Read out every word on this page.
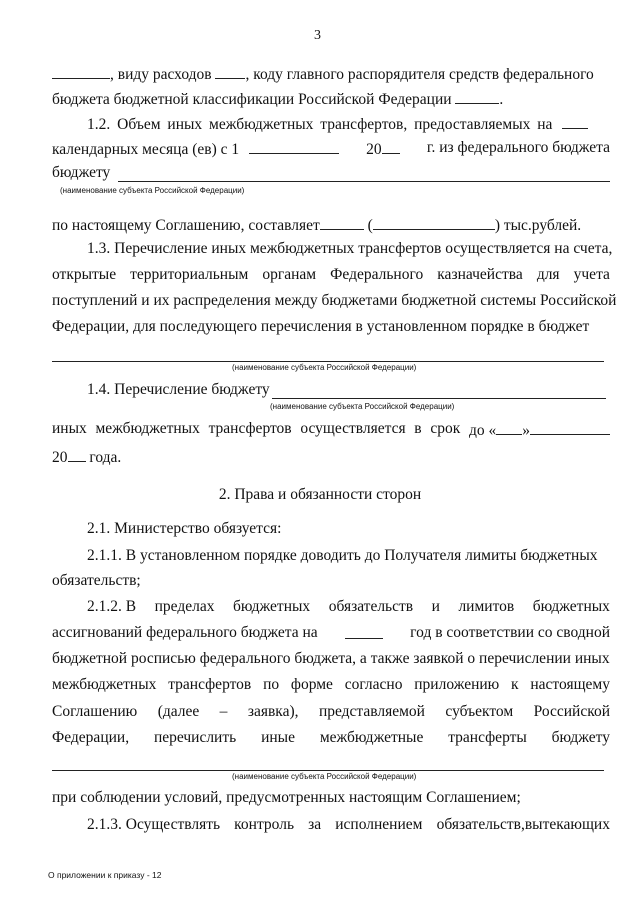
3
, виду расходов , коду главного распорядителя средств федерального
бюджета бюджетной классификации Российской Федерации	.
1.2. Объем иных межбюджетных трансфертов, предоставляемых на
календарных месяца (ев) с 1	20	г. из федерального бюджета
бюджету
(наименование субъекта Российской Федерации)
по настоящему Соглашению, составляет	(	) тыс.рублей.
1.3. Перечисление иных межбюджетных трансфертов осуществляется на счета,
открытые территориальным органам Федерального казначейства для учета
поступлений и их распределения между бюджетами бюджетной системы Российской
Федерации, для последующего перечисления в установленном порядке в бюджет
(наименование субъекта Российской Федерации)
1.4. Перечисление бюджету
(наименование субъекта Российской Федерации)
иных межбюджетных трансфертов осуществляется в срок до « »
20 года.
2. Права и обязанности сторон
2.1. Министерство обязуется:
2.1.1. В установленном порядке доводить до Получателя лимиты бюджетных
обязательств;
2.1.2. В пределах бюджетных обязательств и лимитов бюджетных
ассигнований федерального бюджета на	год в соответствии со сводной
бюджетной росписью федерального бюджета, а также заявкой о перечислении иных
межбюджетных трансфертов по форме согласно приложению к настоящему
Соглашению (далее – заявка), представляемой субъектом Российской
Федерации, перечислить иные межбюджетные трансферты бюджету
(наименование субъекта Российской Федерации)
при соблюдении условий, предусмотренных настоящим Соглашением;
2.1.3. Осуществлять контроль за исполнением обязательств,вытекающих
О приложении к приказу - 12
